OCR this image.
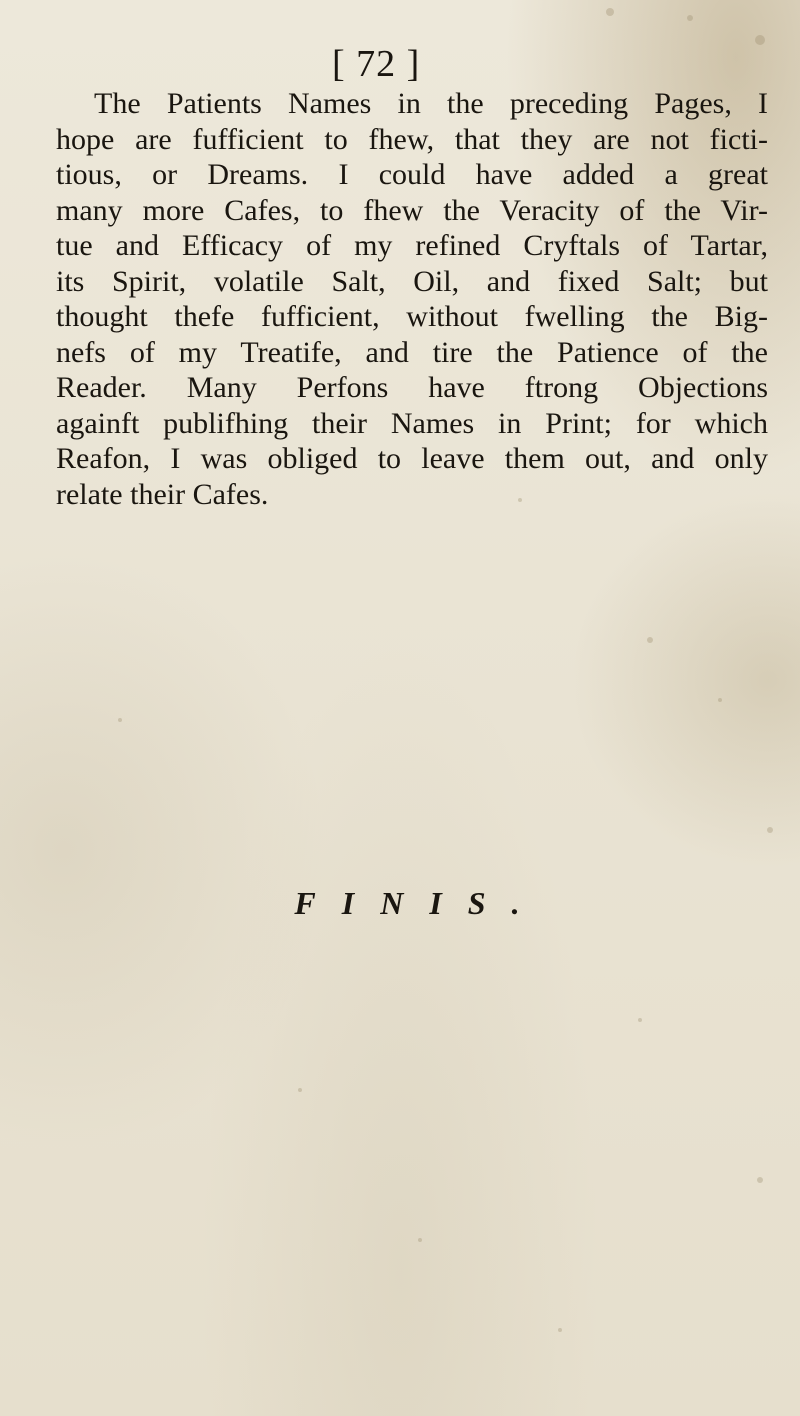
[ 72 ]
The Patients Names in the preceding Pages, I
hope are fufficient to fhew, that they are not ficti-
tious, or Dreams. I could have added a great
many more Cafes, to fhew the Veracity of the Vir-
tue and Efficacy of my refined Cryftals of Tartar,
its Spirit, volatile Salt, Oil, and fixed Salt; but
thought thefe fufficient, without fwelling the Big-
nefs of my Treatife, and tire the Patience of the
Reader. Many Perfons have ftrong Objections
againft publifhing their Names in Print; for which
Reafon, I was obliged to leave them out, and only
relate their Cafes.
FINIS.
